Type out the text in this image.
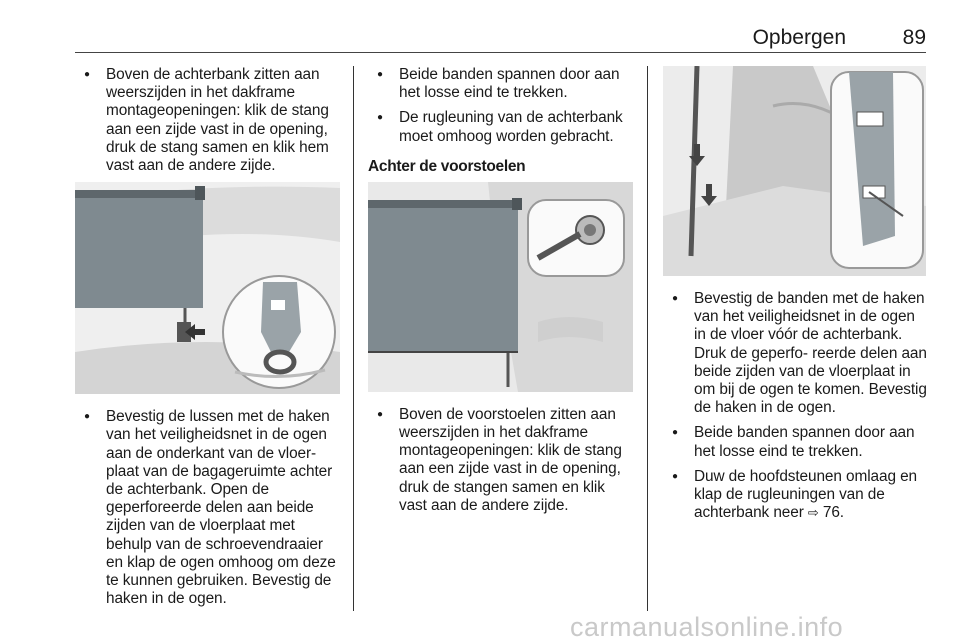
Opbergen	89
● Boven de achterbank zitten aan weerszijden in het dakframe montageopeningen: klik de stang aan een zijde vast in de opening, druk de stang samen en klik hem vast aan de andere zijde.
● Bevestig de lussen met de haken van het veiligheidsnet in de ogen aan de onderkant van de vloer- plaat van de bagageruimte achter de achterbank. Open de geperforeerde delen aan beide zijden van de vloerplaat met behulp van de schroevendraaier en klap de ogen omhoog om deze te kunnen gebruiken. Bevestig de haken in de ogen.
● Beide banden spannen door aan het losse eind te trekken.
● De rugleuning van de achterbank moet omhoog worden gebracht.
Achter de voorstoelen
● Boven de voorstoelen zitten aan weerszijden in het dakframe montageopeningen: klik de stang aan een zijde vast in de opening, druk de stangen samen en klik vast aan de andere zijde.
● Bevestig de banden met de haken van het veiligheidsnet in de ogen in de vloer vóór de achterbank. Druk de geperfo- reerde delen aan beide zijden van de vloerplaat in om bij de ogen te komen. Bevestig de haken in de ogen.
● Beide banden spannen door aan het losse eind te trekken.
● Duw de hoofdsteunen omlaag en klap de rugleuningen van de achterbank neer ⇨ 76.
carmanualsonline.info
